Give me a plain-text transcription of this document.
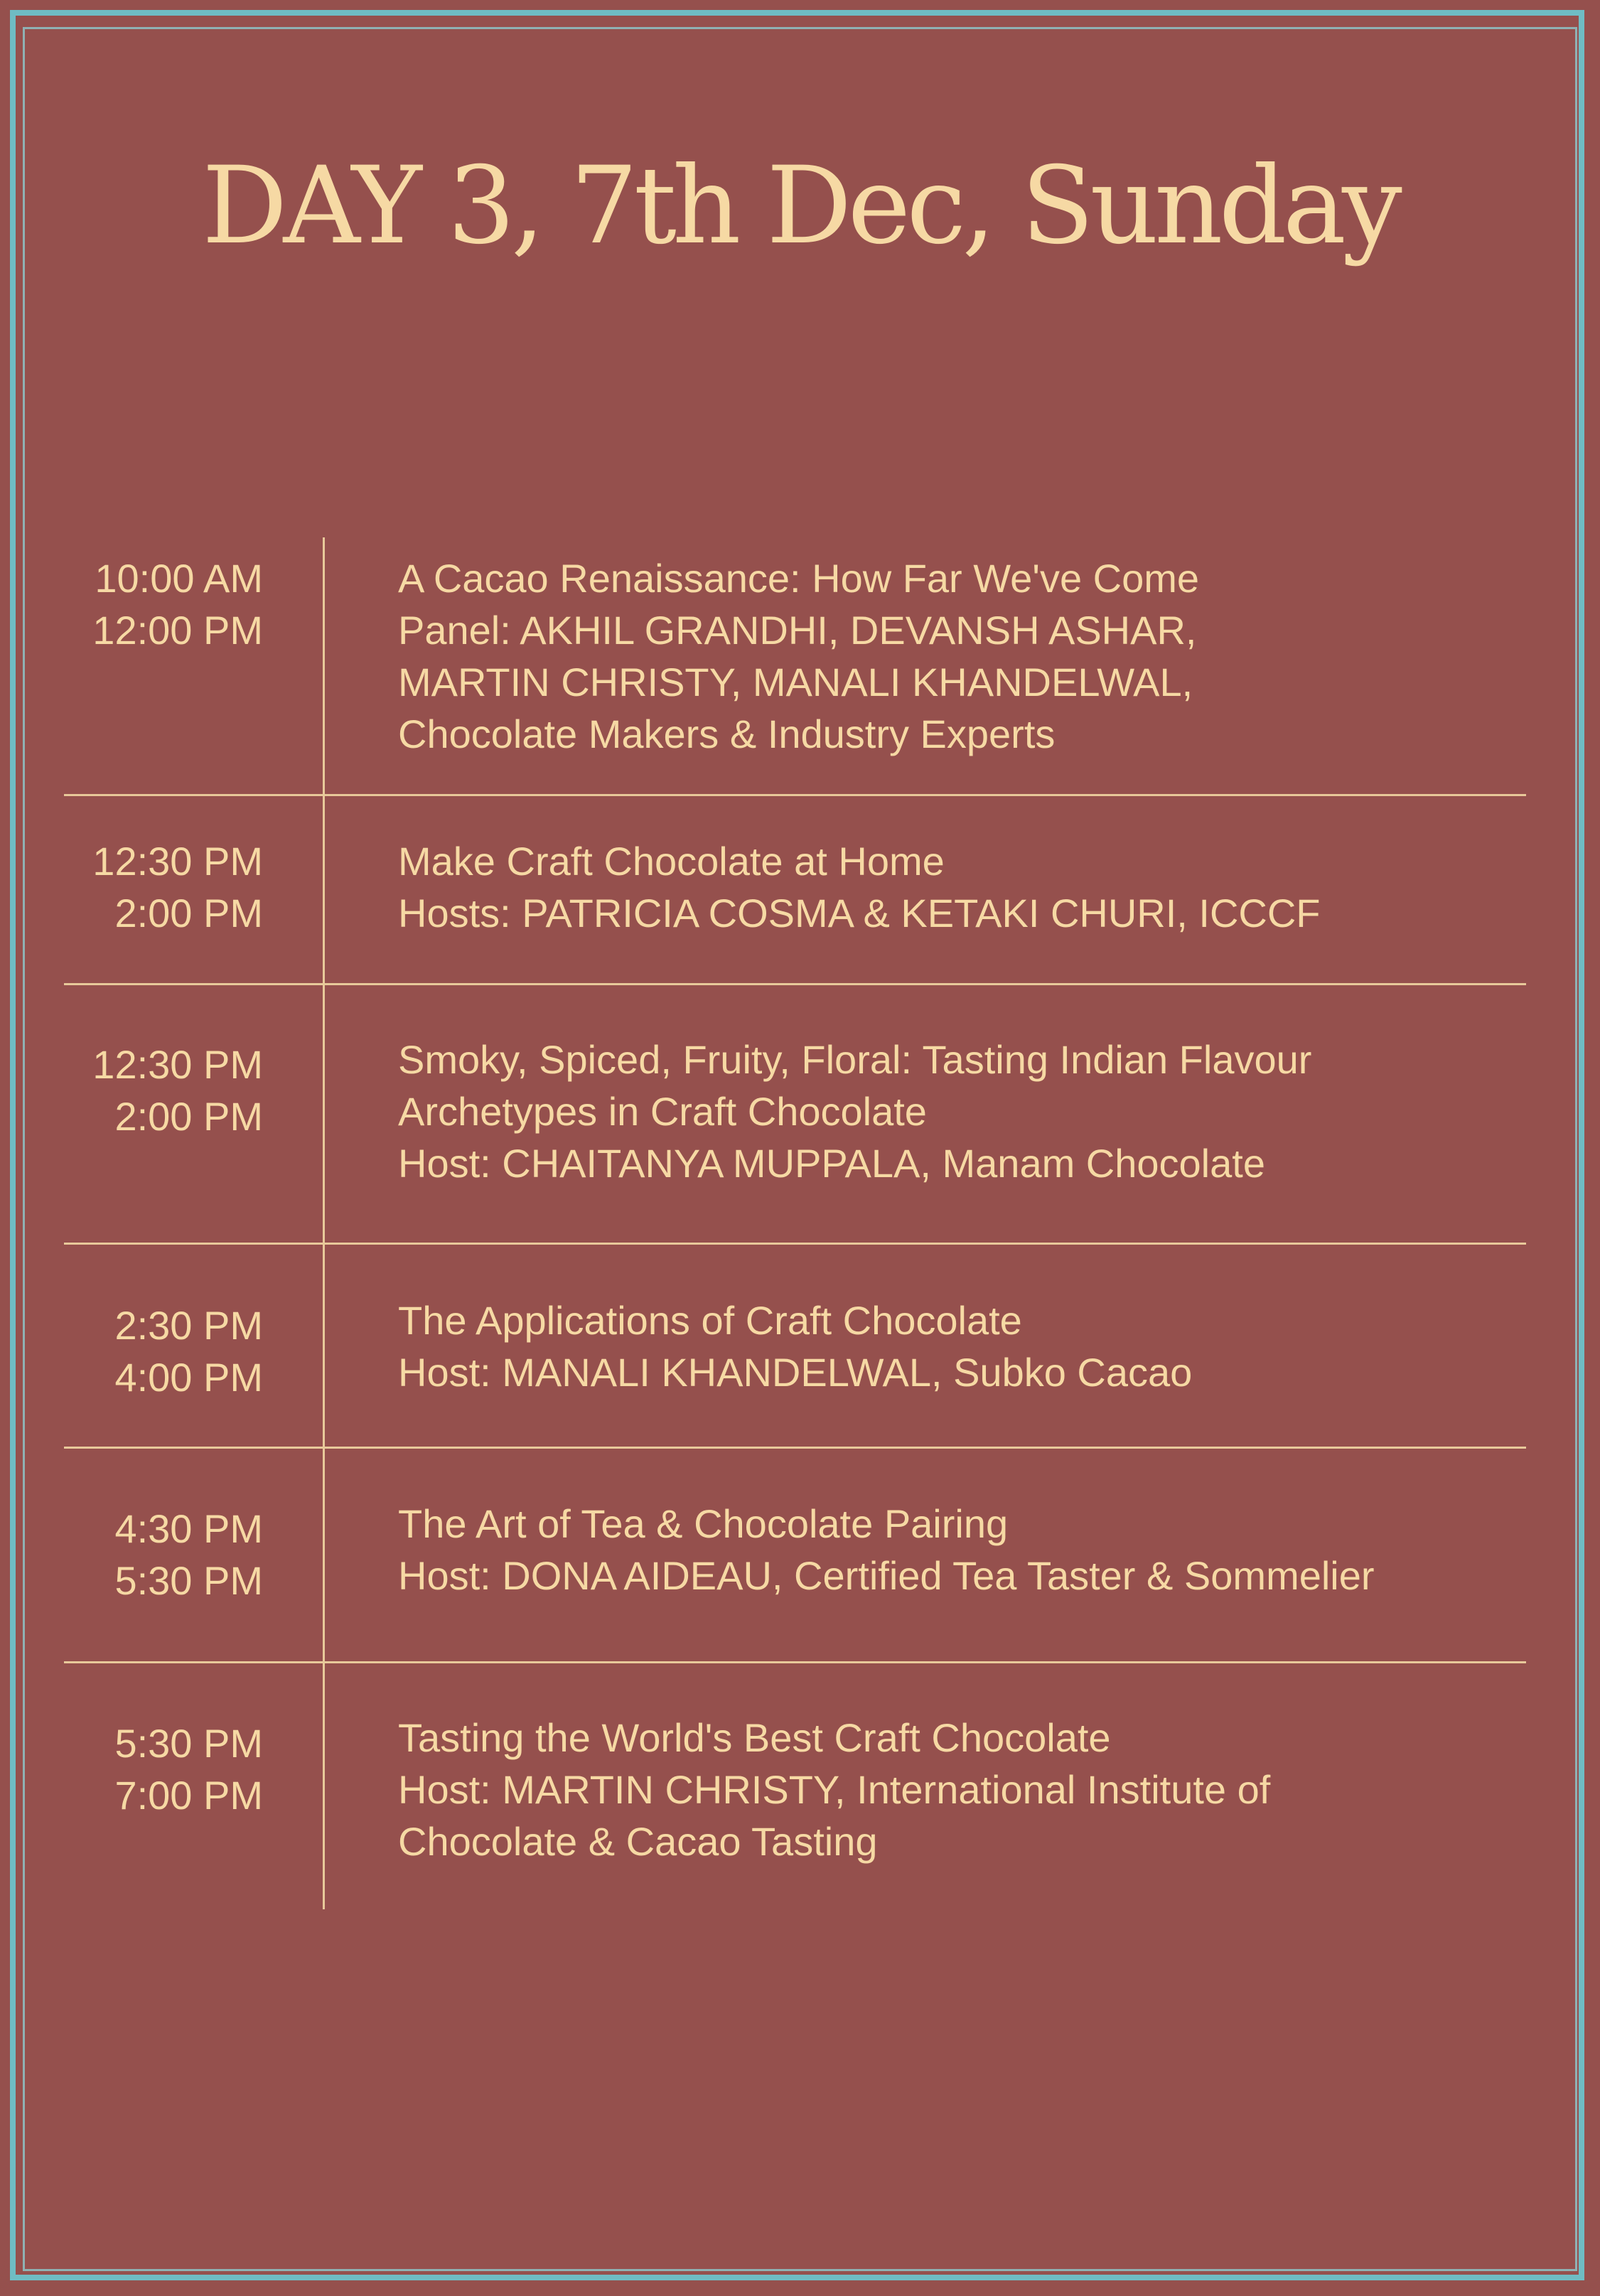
DAY 3, 7th Dec, Sunday
10:00 AM
12:00 PM
A Cacao Renaissance: How Far We've Come
Panel: AKHIL GRANDHI, DEVANSH ASHAR,
MARTIN CHRISTY, MANALI KHANDELWAL,
Chocolate Makers & Industry Experts
12:30 PM
2:00 PM
Make Craft Chocolate at Home
Hosts: PATRICIA COSMA & KETAKI CHURI, ICCCF
12:30 PM
2:00 PM
Smoky, Spiced, Fruity, Floral: Tasting Indian Flavour
Archetypes in Craft Chocolate
Host: CHAITANYA MUPPALA, Manam Chocolate
2:30 PM
4:00 PM
The Applications of Craft Chocolate
Host: MANALI KHANDELWAL, Subko Cacao
4:30 PM
5:30 PM
The Art of Tea & Chocolate Pairing
Host: DONA AIDEAU, Certified Tea Taster & Sommelier
5:30 PM
7:00 PM
Tasting the World's Best Craft Chocolate
Host: MARTIN CHRISTY, International Institute of
Chocolate & Cacao Tasting
